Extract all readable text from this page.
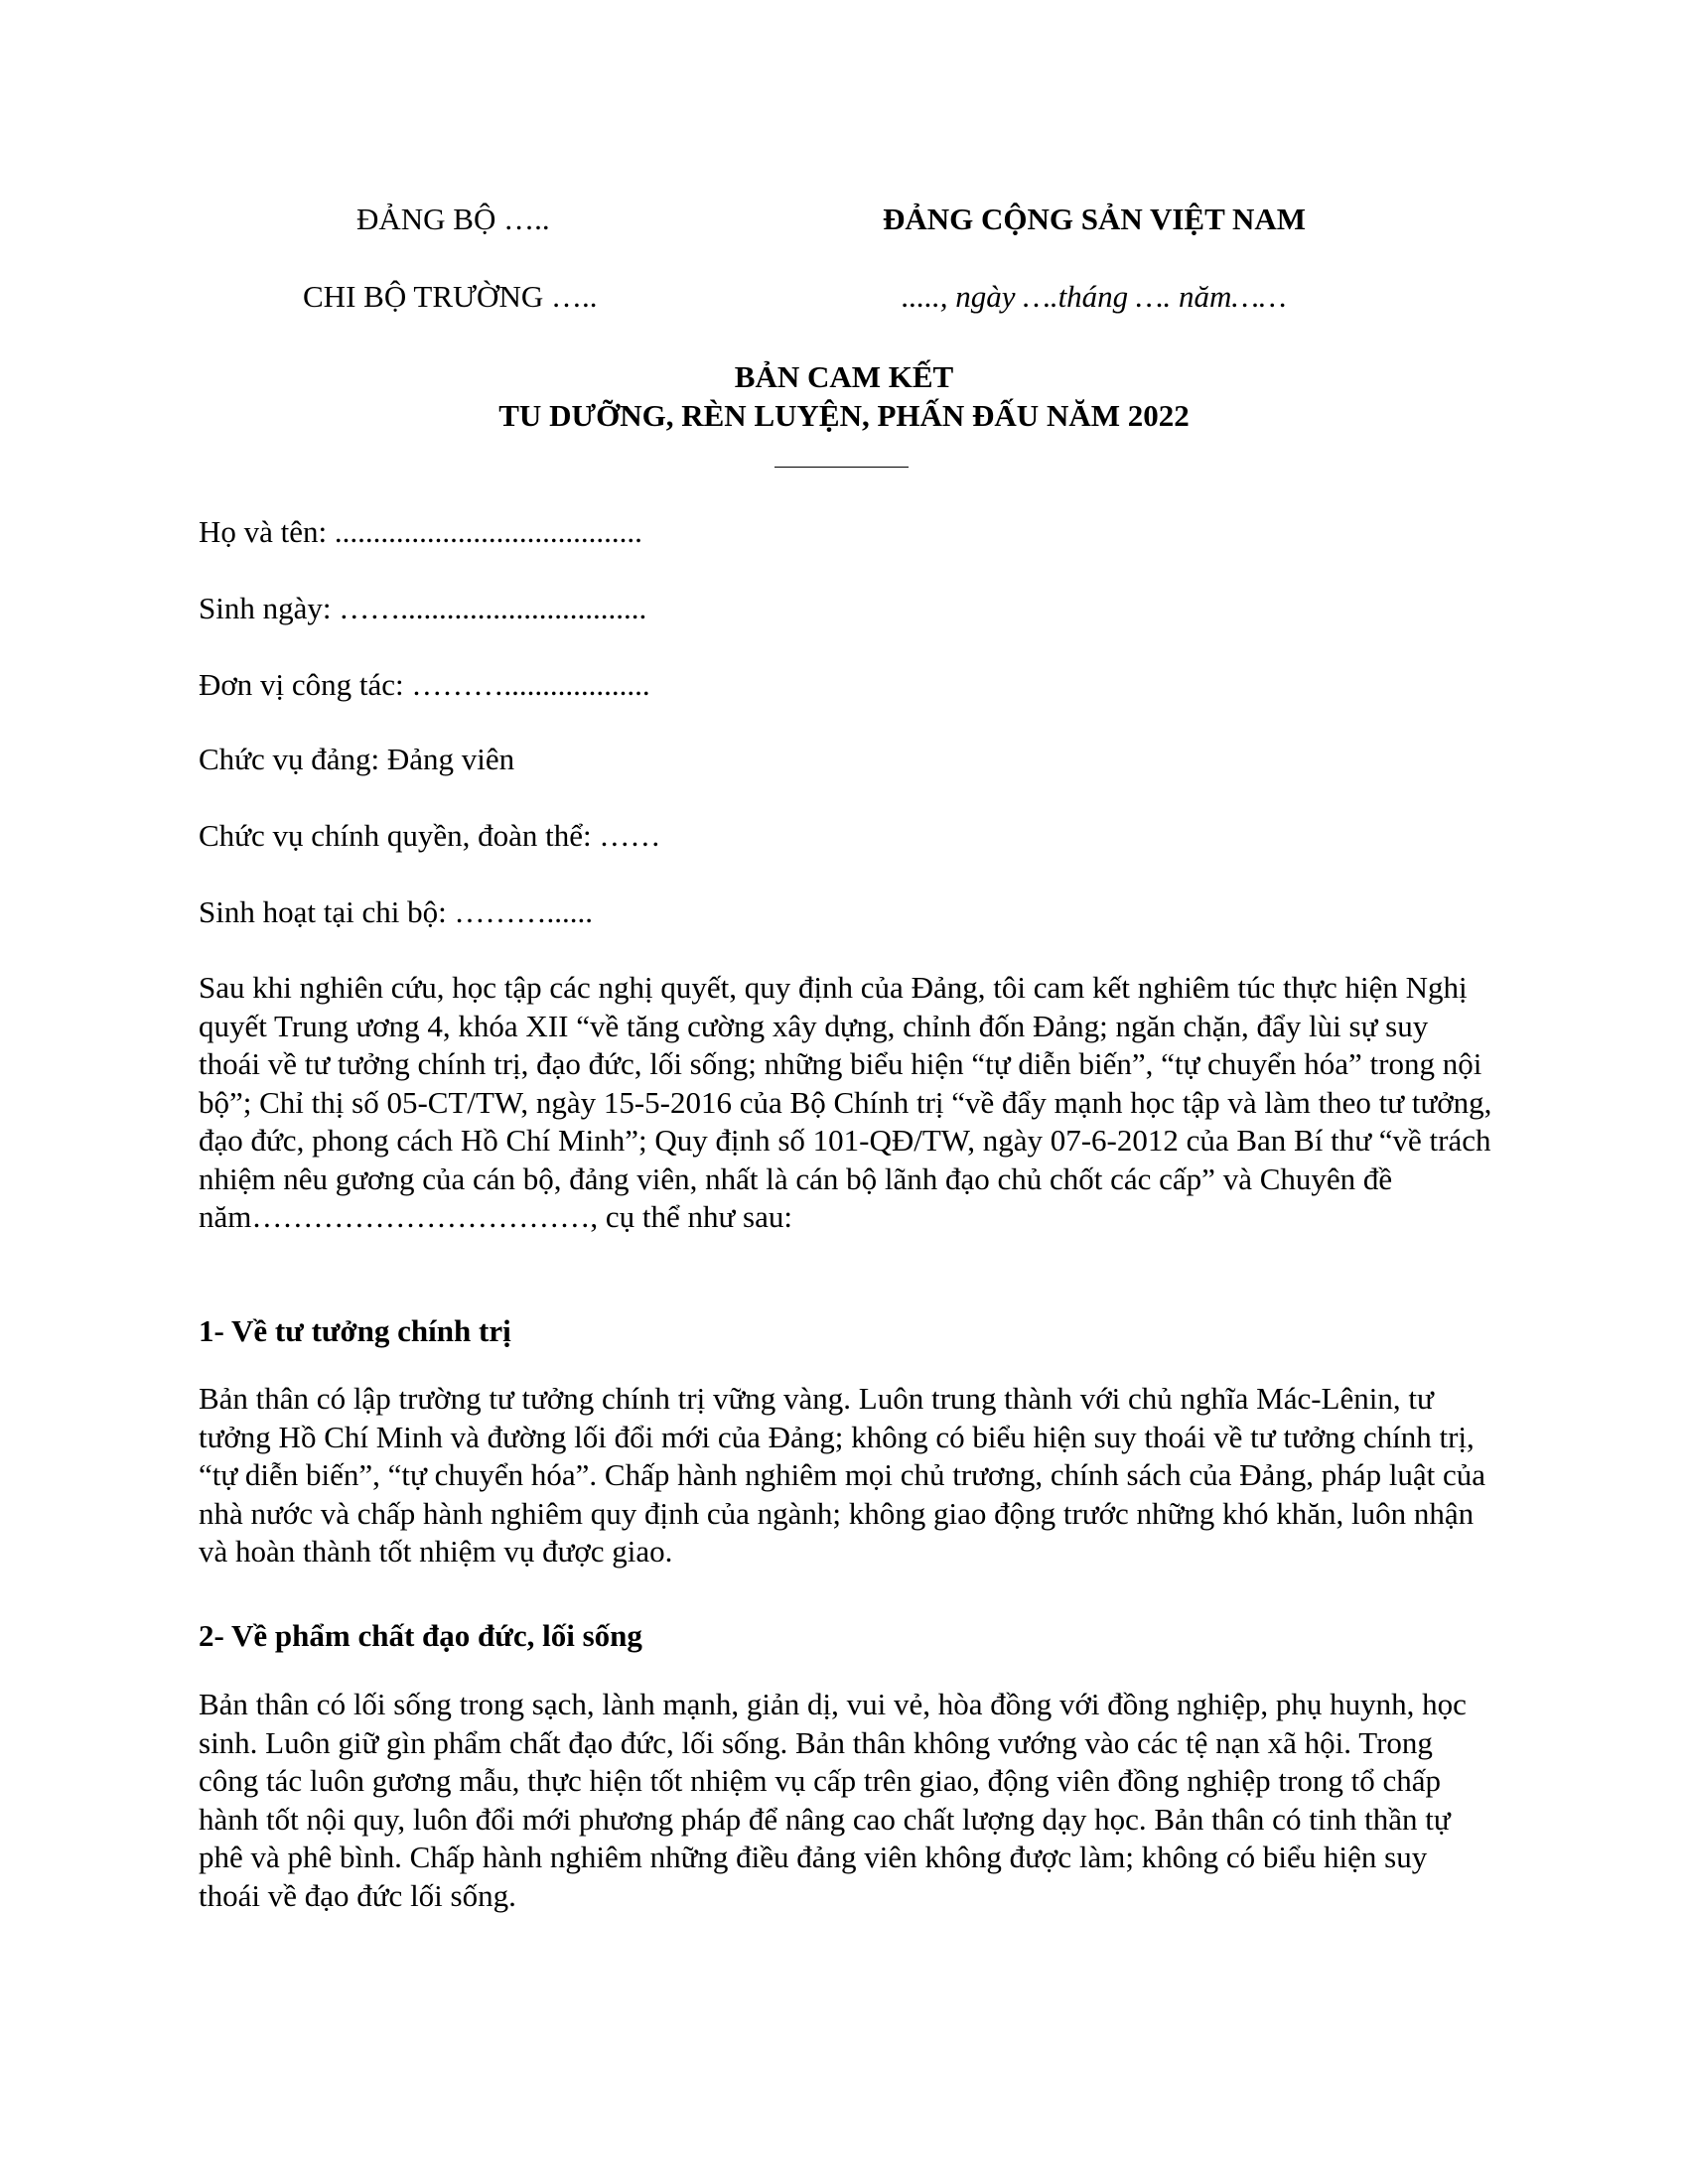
ĐẢNG BỘ …..	ĐẢNG CỘNG SẢN VIỆT NAM
CHI BỘ TRƯỜNG …..	....., ngày ….tháng …. năm……
BẢN CAM KẾT
TU DƯỠNG, RÈN LUYỆN, PHẤN ĐẤU NĂM 2022
Họ và tên: ........................................
Sinh ngày: ……................................
Đơn vị công tác: ………...................
Chức vụ đảng: Đảng viên
Chức vụ chính quyền, đoàn thể: ……
Sinh hoạt tại chi bộ: ………......
Sau khi nghiên cứu, học tập các nghị quyết, quy định của Đảng, tôi cam kết nghiêm túc thực hiện Nghị quyết Trung ương 4, khóa XII “về tăng cường xây dựng, chỉnh đốn Đảng; ngăn chặn, đẩy lùi sự suy thoái về tư tưởng chính trị, đạo đức, lối sống; những biểu hiện “tự diễn biến”, “tự chuyển hóa” trong nội bộ”; Chỉ thị số 05-CT/TW, ngày 15-5-2016 của Bộ Chính trị “về đẩy mạnh học tập và làm theo tư tưởng, đạo đức, phong cách Hồ Chí Minh”; Quy định số 101-QĐ/TW, ngày 07-6-2012 của Ban Bí thư “về trách nhiệm nêu gương của cán bộ, đảng viên, nhất là cán bộ lãnh đạo chủ chốt các cấp” và Chuyên đề năm……………………………, cụ thể như sau:
1- Về tư tưởng chính trị
Bản thân có lập trường tư tưởng chính trị vững vàng. Luôn trung thành với chủ nghĩa Mác-Lênin, tư tưởng Hồ Chí Minh và đường lối đổi mới của Đảng; không có biểu hiện suy thoái về tư tưởng chính trị, “tự diễn biến”, “tự chuyển hóa”. Chấp hành nghiêm mọi chủ trương, chính sách của Đảng, pháp luật của nhà nước và chấp hành nghiêm quy định của ngành; không giao động trước những khó khăn, luôn nhận và hoàn thành tốt nhiệm vụ được giao.
2- Về phẩm chất đạo đức, lối sống
Bản thân có lối sống trong sạch, lành mạnh, giản dị, vui vẻ, hòa đồng với đồng nghiệp, phụ huynh, học sinh. Luôn giữ gìn phẩm chất đạo đức, lối sống. Bản thân không vướng vào các tệ nạn xã hội. Trong công tác luôn gương mẫu, thực hiện tốt nhiệm vụ cấp trên giao, động viên đồng nghiệp trong tổ chấp hành tốt nội quy, luôn đổi mới phương pháp để nâng cao chất lượng dạy học. Bản thân có tinh thần tự phê và phê bình. Chấp hành nghiêm những điều đảng viên không được làm; không có biểu hiện suy thoái về đạo đức lối sống.
